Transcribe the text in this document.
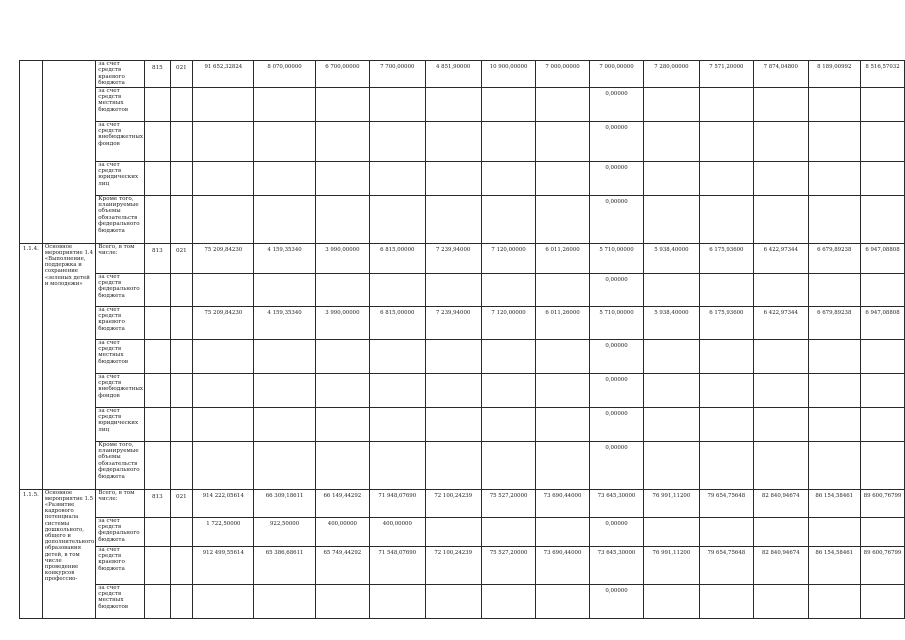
		за счет средств краевого бюджета	815	021	91 652,32824	8 070,00000	6 700,00000	7 700,00000	4 851,90000	10 900,00000	7 000,00000	7 000,00000	7 280,00000	7 571,20000	7 874,04800	8 189,00992	8 516,57032
		за счет средств местных бюджетов										0,00000					
		за счет средств внебюджетных фондов										0,00000					
		за счет средств юридических лиц										0,00000					
		Кроме того, планируемые объемы обязательств федерального бюджета										0,00000					
1.1.4.	Основное мероприятие 1.4 «Выполнение, поддержка и сохранение «зеленых детей и молодежи»	Всего, в том числе:	813	021	75 209,84230	4 159,35340	3 990,00000	6 815,00000	7 239,94000	7 120,00000	6 011,26000	5 710,00000	5 938,40000	6 175,93600	6 422,97344	6 679,89238	6 947,08808
		за счет средств федерального бюджета										0,00000					
		за счет средств краевого бюджета			75 209,84230	4 159,35340	3 990,00000	6 815,00000	7 239,94000	7 120,00000	6 011,26000	5 710,00000	5 938,40000	6 175,93600	6 422,97344	6 679,89238	6 947,08808
		за счет средств местных бюджетов										0,00000					
		за счет средств внебюджетных фондов										0,00000					
		за счет средств юридических лиц										0,00000					
		Кроме того, планируемые объемы обязательств федерального бюджета										0,00000					
1.1.5.	Основное мероприятие 1.5 «Развитие кадрового потенциала системы дошкольного, общего и дополнительного образования детей, в том числе проведение конкурсов профессио-	Всего, в том числе:	813	021	914 222,05614	66 309,18611	66 149,44292	71 948,07690	72 100,24239	75 527,20000	73 690,44000	73 645,30000	76 991,11200	79 654,75648	82 840,94674	86 154,58461	89 600,76799
		за счет средств федерального бюджета			1 722,50000	922,50000	400,00000	400,00000				0,00000					
		за счет средств краевого бюджета			912 499,55614	65 386,68611	65 749,44292	71 548,07690	72 100,24239	75 527,20000	73 690,44000	73 645,30000	76 991,11200	79 654,75648	82 840,94674	86 154,58461	89 600,76799
		за счет средств местных бюджетов										0,00000					
